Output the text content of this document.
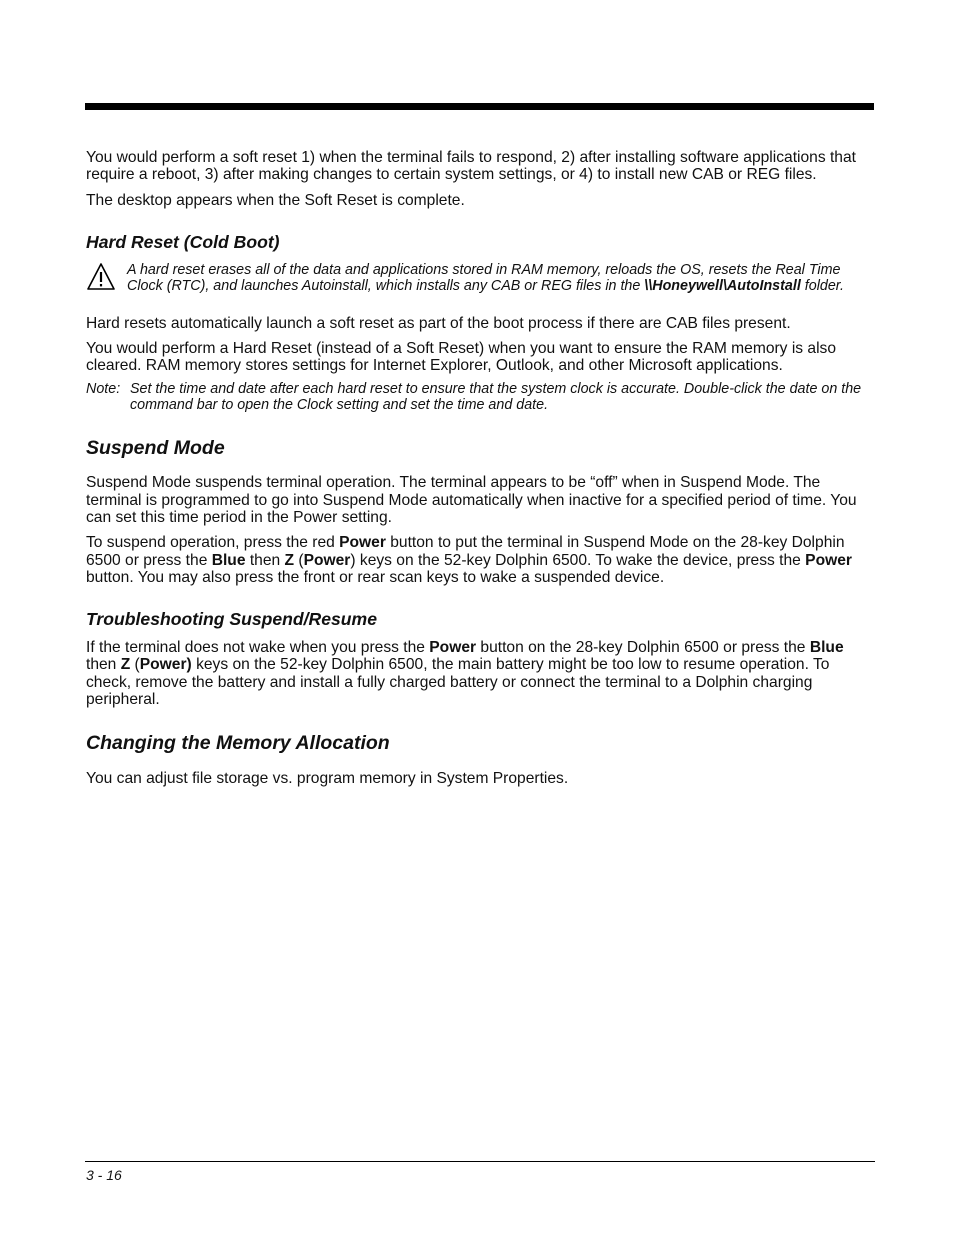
You would perform a soft reset 1) when the terminal fails to respond, 2) after installing software applications that require a reboot, 3) after making changes to certain system settings, or 4) to install new CAB or REG files.

The desktop appears when the Soft Reset is complete.

Hard Reset (Cold Boot)
A hard reset erases all of the data and applications stored in RAM memory, reloads the OS, resets the Real Time Clock (RTC), and launches Autoinstall, which installs any CAB or REG files in the \\Honeywell\AutoInstall folder.

Hard resets automatically launch a soft reset as part of the boot process if there are CAB files present.

You would perform a Hard Reset (instead of a Soft Reset) when you want to ensure the RAM memory is also cleared. RAM memory stores settings for Internet Explorer, Outlook, and other Microsoft applications.

Note: Set the time and date after each hard reset to ensure that the system clock is accurate. Double-click the date on the command bar to open the Clock setting and set the time and date.
Suspend Mode

Suspend Mode suspends terminal operation. The terminal appears to be “off” when in Suspend Mode. The terminal is programmed to go into Suspend Mode automatically when inactive for a specified period of time. You can set this time period in the Power setting.

To suspend operation, press the red Power button to put the terminal in Suspend Mode on the 28-key Dolphin 6500 or press the Blue then Z (Power) keys on the 52-key Dolphin 6500. To wake the device, press the Power button. You may also press the front or rear scan keys to wake a suspended device.

Troubleshooting Suspend/Resume

If the terminal does not wake when you press the Power button on the 28-key Dolphin 6500 or press the Blue then Z (Power) keys on the 52-key Dolphin 6500, the main battery might be too low to resume operation. To check, remove the battery and install a fully charged battery or connect the terminal to a Dolphin charging peripheral.

Changing the Memory Allocation

You can adjust file storage vs. program memory in System Properties.

3 - 16
